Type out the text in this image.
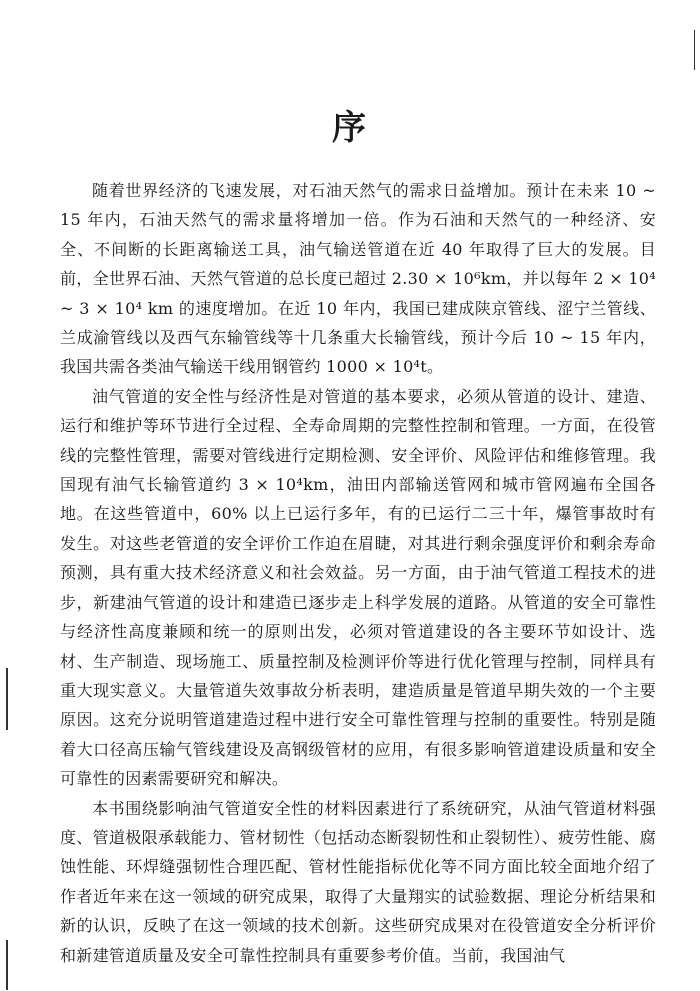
序

随着世界经济的飞速发展，对石油天然气的需求日益增加。预计在未来 10 ~ 15 年内，石油天然气的需求量将增加一倍。作为石油和天然气的一种经济、安全、不间断的长距离输送工具，油气输送管道在近 40 年取得了巨大的发展。目前，全世界石油、天然气管道的总长度已超过 2.30 × 10⁶km，并以每年 2 × 10⁴ ~ 3 × 10⁴ km 的速度增加。在近 10 年内，我国已建成陕京管线、涩宁兰管线、兰成渝管线以及西气东输管线等十几条重大长输管线，预计今后 10 ~ 15 年内，我国共需各类油气输送干线用钢管约 1000 × 10⁴t。

油气管道的安全性与经济性是对管道的基本要求，必须从管道的设计、建造、运行和维护等环节进行全过程、全寿命周期的完整性控制和管理。一方面，在役管线的完整性管理，需要对管线进行定期检测、安全评价、风险评估和维修管理。我国现有油气长输管道约 3 × 10⁴km，油田内部输送管网和城市管网遍布全国各地。在这些管道中，60% 以上已运行多年，有的已运行二三十年，爆管事故时有发生。对这些老管道的安全评价工作迫在眉睫，对其进行剩余强度评价和剩余寿命预测，具有重大技术经济意义和社会效益。另一方面，由于油气管道工程技术的进步，新建油气管道的设计和建造已逐步走上科学发展的道路。从管道的安全可靠性与经济性高度兼顾和统一的原则出发，必须对管道建设的各主要环节如设计、选材、生产制造、现场施工、质量控制及检测评价等进行优化管理与控制，同样具有重大现实意义。大量管道失效事故分析表明，建造质量是管道早期失效的一个主要原因。这充分说明管道建造过程中进行安全可靠性管理与控制的重要性。特别是随着大口径高压输气管线建设及高钢级管材的应用，有很多影响管道建设质量和安全可靠性的因素需要研究和解决。

本书围绕影响油气管道安全性的材料因素进行了系统研究，从油气管道材料强度、管道极限承载能力、管材韧性（包括动态断裂韧性和止裂韧性）、疲劳性能、腐蚀性能、环焊缝强韧性合理匹配、管材性能指标优化等不同方面比较全面地介绍了作者近年来在这一领域的研究成果，取得了大量翔实的试验数据、理论分析结果和新的认识，反映了在这一领域的技术创新。这些研究成果对在役管道安全分析评价和新建管道质量及安全可靠性控制具有重要参考价值。当前，我国油气
